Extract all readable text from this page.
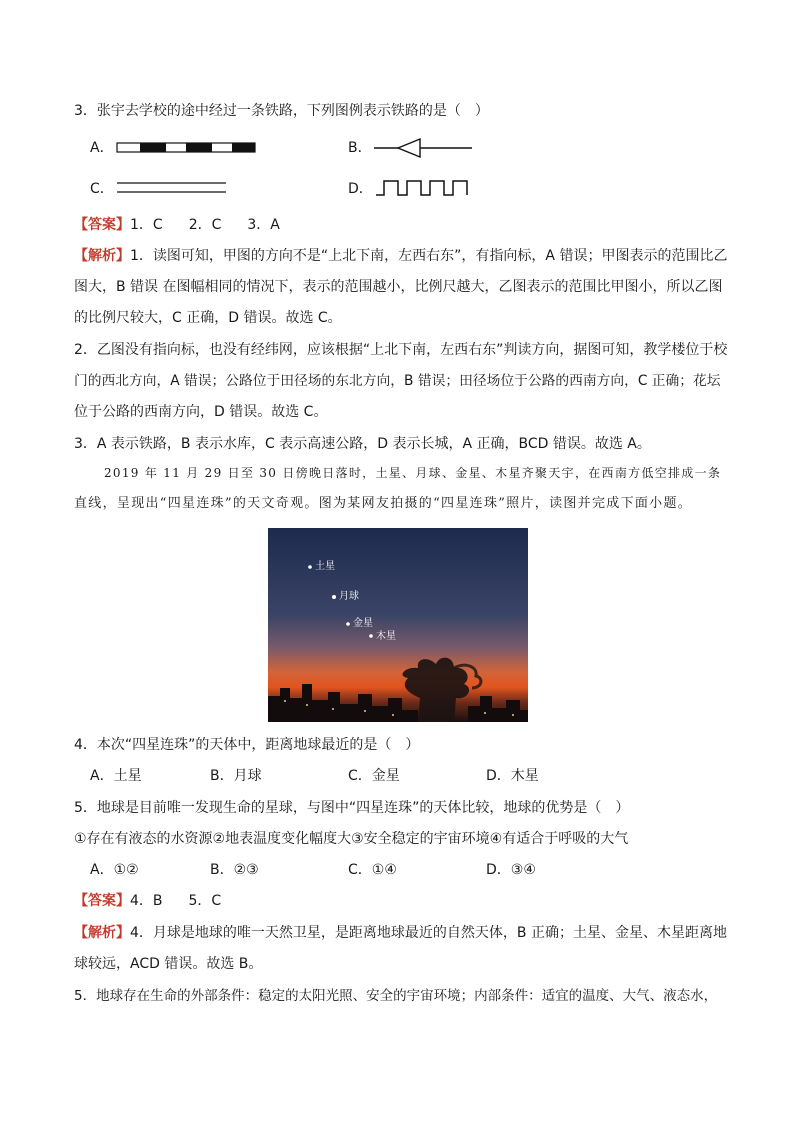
3．张宇去学校的途中经过一条铁路，下列图例表示铁路的是（　）
A．	B．
C．	D．
【答案】1．C 2．C 3．A
【解析】1．读图可知，甲图的方向不是“上北下南，左西右东”，有指向标，A 错误；甲图表示的范围比乙
图大，B 错误 在图幅相同的情况下，表示的范围越小，比例尺越大，乙图表示的范围比甲图小，所以乙图
的比例尺较大，C 正确，D 错误。故选 C。
2．乙图没有指向标，也没有经纬网，应该根据“上北下南，左西右东”判读方向，据图可知，教学楼位于校
门的西北方向，A 错误；公路位于田径场的东北方向，B 错误；田径场位于公路的西南方向，C 正确；花坛
位于公路的西南方向，D 错误。故选 C。
3．A 表示铁路，B 表示水库，C 表示高速公路，D 表示长城，A 正确，BCD 错误。故选 A。
2019 年 11 月 29 日至 30 日傍晚日落时，土星、月球、金星、木星齐聚天宇，在西南方低空排成一条
直线，呈现出“四星连珠”的天文奇观。图为某网友拍摄的“四星连珠”照片，读图并完成下面小题。
土星
月球
金星
木星
4．本次“四星连珠”的天体中，距离地球最近的是（　）
A．土星	B．月球	C．金星	D．木星
5．地球是目前唯一发现生命的星球，与图中“四星连珠”的天体比较，地球的优势是（　）
①存在有液态的水资源②地表温度变化幅度大③安全稳定的宇宙环境④有适合于呼吸的大气
A．①②	B．②③	C．①④	D．③④
【答案】4．B 5．C
【解析】4．月球是地球的唯一天然卫星，是距离地球最近的自然天体，B 正确；土星、金星、木星距离地
球较远，ACD 错误。故选 B。
5．地球存在生命的外部条件：稳定的太阳光照、安全的宇宙环境；内部条件：适宜的温度、大气、液态水，
